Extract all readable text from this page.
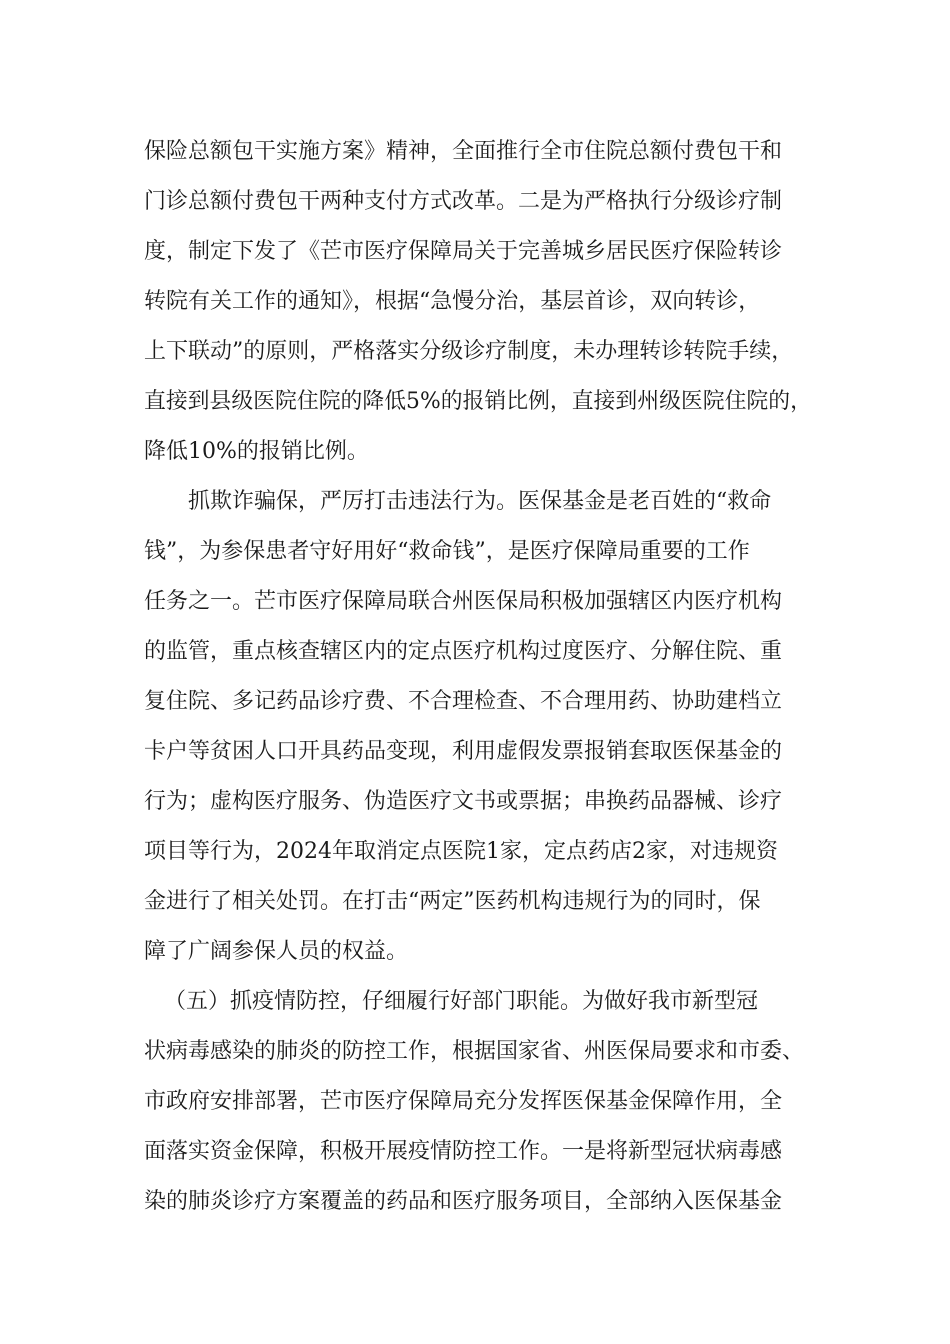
保险总额包干实施方案》精神，全面推行全市住院总额付费包干和
门诊总额付费包干两种支付方式改革。二是为严格执行分级诊疗制
度，制定下发了《芒市医疗保障局关于完善城乡居民医疗保险转诊
转院有关工作的通知》，根据“急慢分治，基层首诊，双向转诊，
上下联动”的原则，严格落实分级诊疗制度，未办理转诊转院手续，
直接到县级医院住院的降低5%的报销比例，直接到州级医院住院的，
降低10%的报销比例。
抓欺诈骗保，严厉打击违法行为。医保基金是老百姓的“救命
钱”，为参保患者守好用好“救命钱”，是医疗保障局重要的工作
任务之一。芒市医疗保障局联合州医保局积极加强辖区内医疗机构
的监管，重点核查辖区内的定点医疗机构过度医疗、分解住院、重
复住院、多记药品诊疗费、不合理检查、不合理用药、协助建档立
卡户等贫困人口开具药品变现，利用虚假发票报销套取医保基金的
行为；虚构医疗服务、伪造医疗文书或票据；串换药品器械、诊疗
项目等行为，2024年取消定点医院1家，定点药店2家，对违规资
金进行了相关处罚。在打击“两定”医药机构违规行为的同时，保
障了广阔参保人员的权益。
（五）抓疫情防控，仔细履行好部门职能。为做好我市新型冠
状病毒感染的肺炎的防控工作，根据国家省、州医保局要求和市委、
市政府安排部署，芒市医疗保障局充分发挥医保基金保障作用，全
面落实资金保障，积极开展疫情防控工作。一是将新型冠状病毒感
染的肺炎诊疗方案覆盖的药品和医疗服务项目，全部纳入医保基金
